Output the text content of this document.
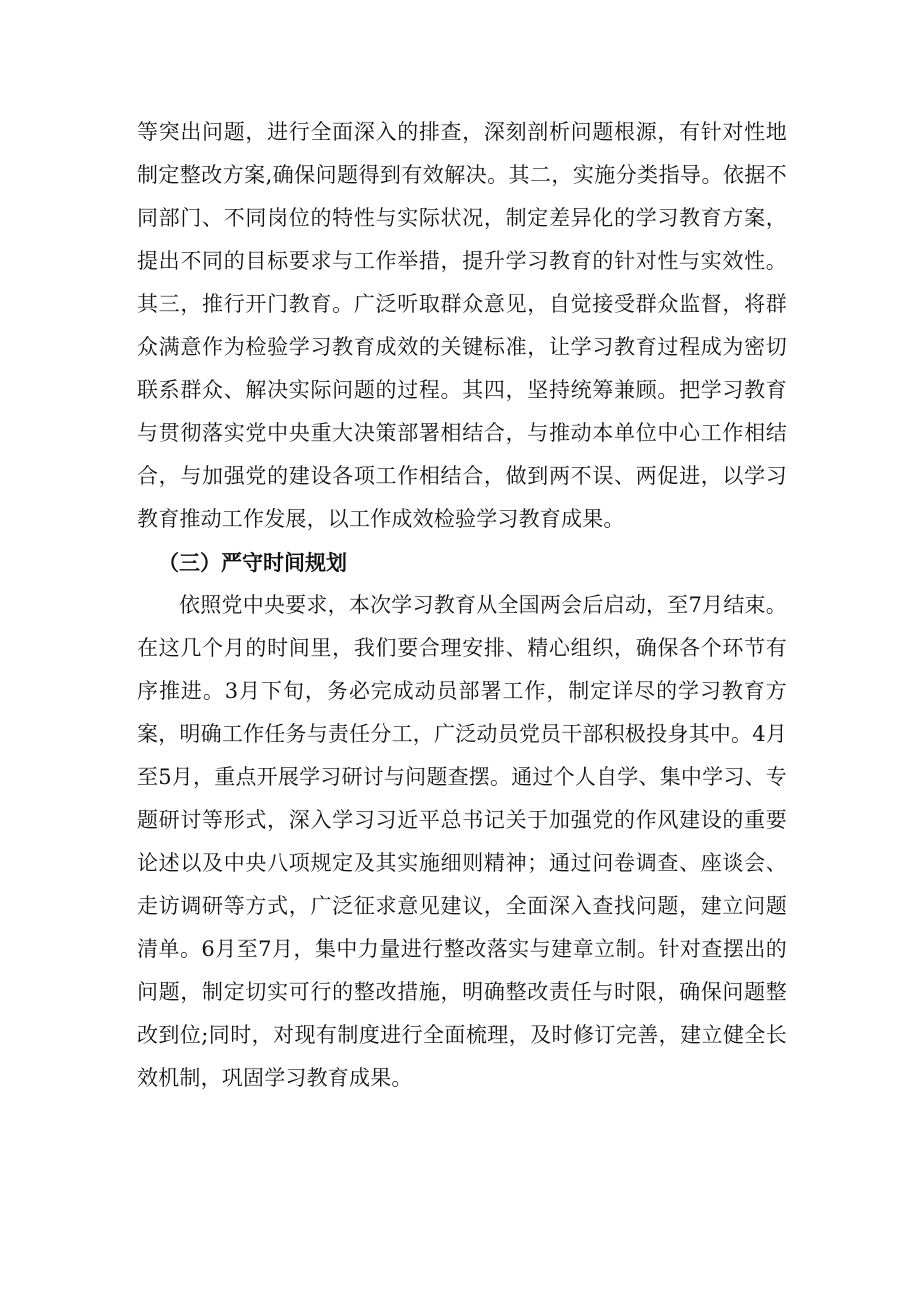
等突出问题，进行全面深入的排查，深刻剖析问题根源，有针对性地制定整改方案,确保问题得到有效解决。其二，实施分类指导。依据不同部门、不同岗位的特性与实际状况，制定差异化的学习教育方案，提出不同的目标要求与工作举措，提升学习教育的针对性与实效性。其三，推行开门教育。广泛听取群众意见，自觉接受群众监督，将群众满意作为检验学习教育成效的关键标准，让学习教育过程成为密切联系群众、解决实际问题的过程。其四，坚持统筹兼顾。把学习教育与贯彻落实党中央重大决策部署相结合，与推动本单位中心工作相结合，与加强党的建设各项工作相结合，做到两不误、两促进，以学习教育推动工作发展，以工作成效检验学习教育成果。

（三）严守时间规划

依照党中央要求，本次学习教育从全国两会后启动，至7月结束。在这几个月的时间里，我们要合理安排、精心组织，确保各个环节有序推进。3月下旬，务必完成动员部署工作，制定详尽的学习教育方案，明确工作任务与责任分工，广泛动员党员干部积极投身其中。4月至5月，重点开展学习研讨与问题查摆。通过个人自学、集中学习、专题研讨等形式，深入学习习近平总书记关于加强党的作风建设的重要论述以及中央八项规定及其实施细则精神；通过问卷调查、座谈会、走访调研等方式，广泛征求意见建议，全面深入查找问题，建立问题清单。6月至7月，集中力量进行整改落实与建章立制。针对查摆出的问题，制定切实可行的整改措施，明确整改责任与时限，确保问题整改到位;同时，对现有制度进行全面梳理，及时修订完善，建立健全长效机制，巩固学习教育成果。
